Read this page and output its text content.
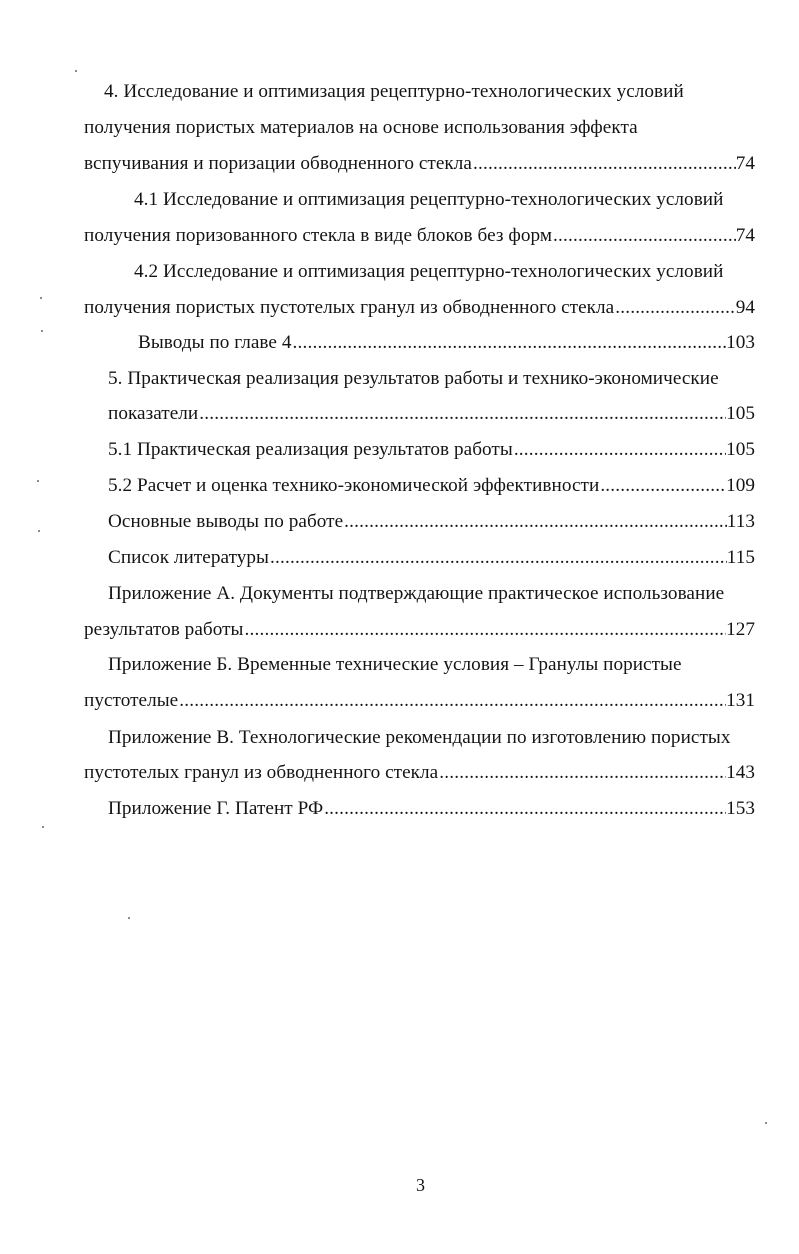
4. Исследование и оптимизация рецептурно-технологических условий
получения пористых материалов на основе использования эффекта
вспучивания и поризации обводненного стекла .....	74
4.1 Исследование и оптимизация рецептурно-технологических условий
получения поризованного стекла в виде блоков без форм .....	74
4.2 Исследование и оптимизация рецептурно-технологических условий
получения пористых пустотелых гранул из обводненного стекла .....	94
Выводы по главе 4 .....	103
5. Практическая реализация результатов работы и технико-экономические
показатели .....	105
5.1 Практическая реализация результатов работы .....	105
5.2 Расчет и оценка технико-экономической эффективности .....	109
Основные выводы по работе .....	113
Список литературы .....	115
Приложение А. Документы подтверждающие практическое использование
результатов работы .....	127
Приложение Б. Временные технические условия – Гранулы пористые
пустотелые .....	131
Приложение В. Технологические рекомендации по изготовлению пористых
пустотелых гранул из обводненного стекла .....	143
Приложение Г. Патент РФ .....	153
3
